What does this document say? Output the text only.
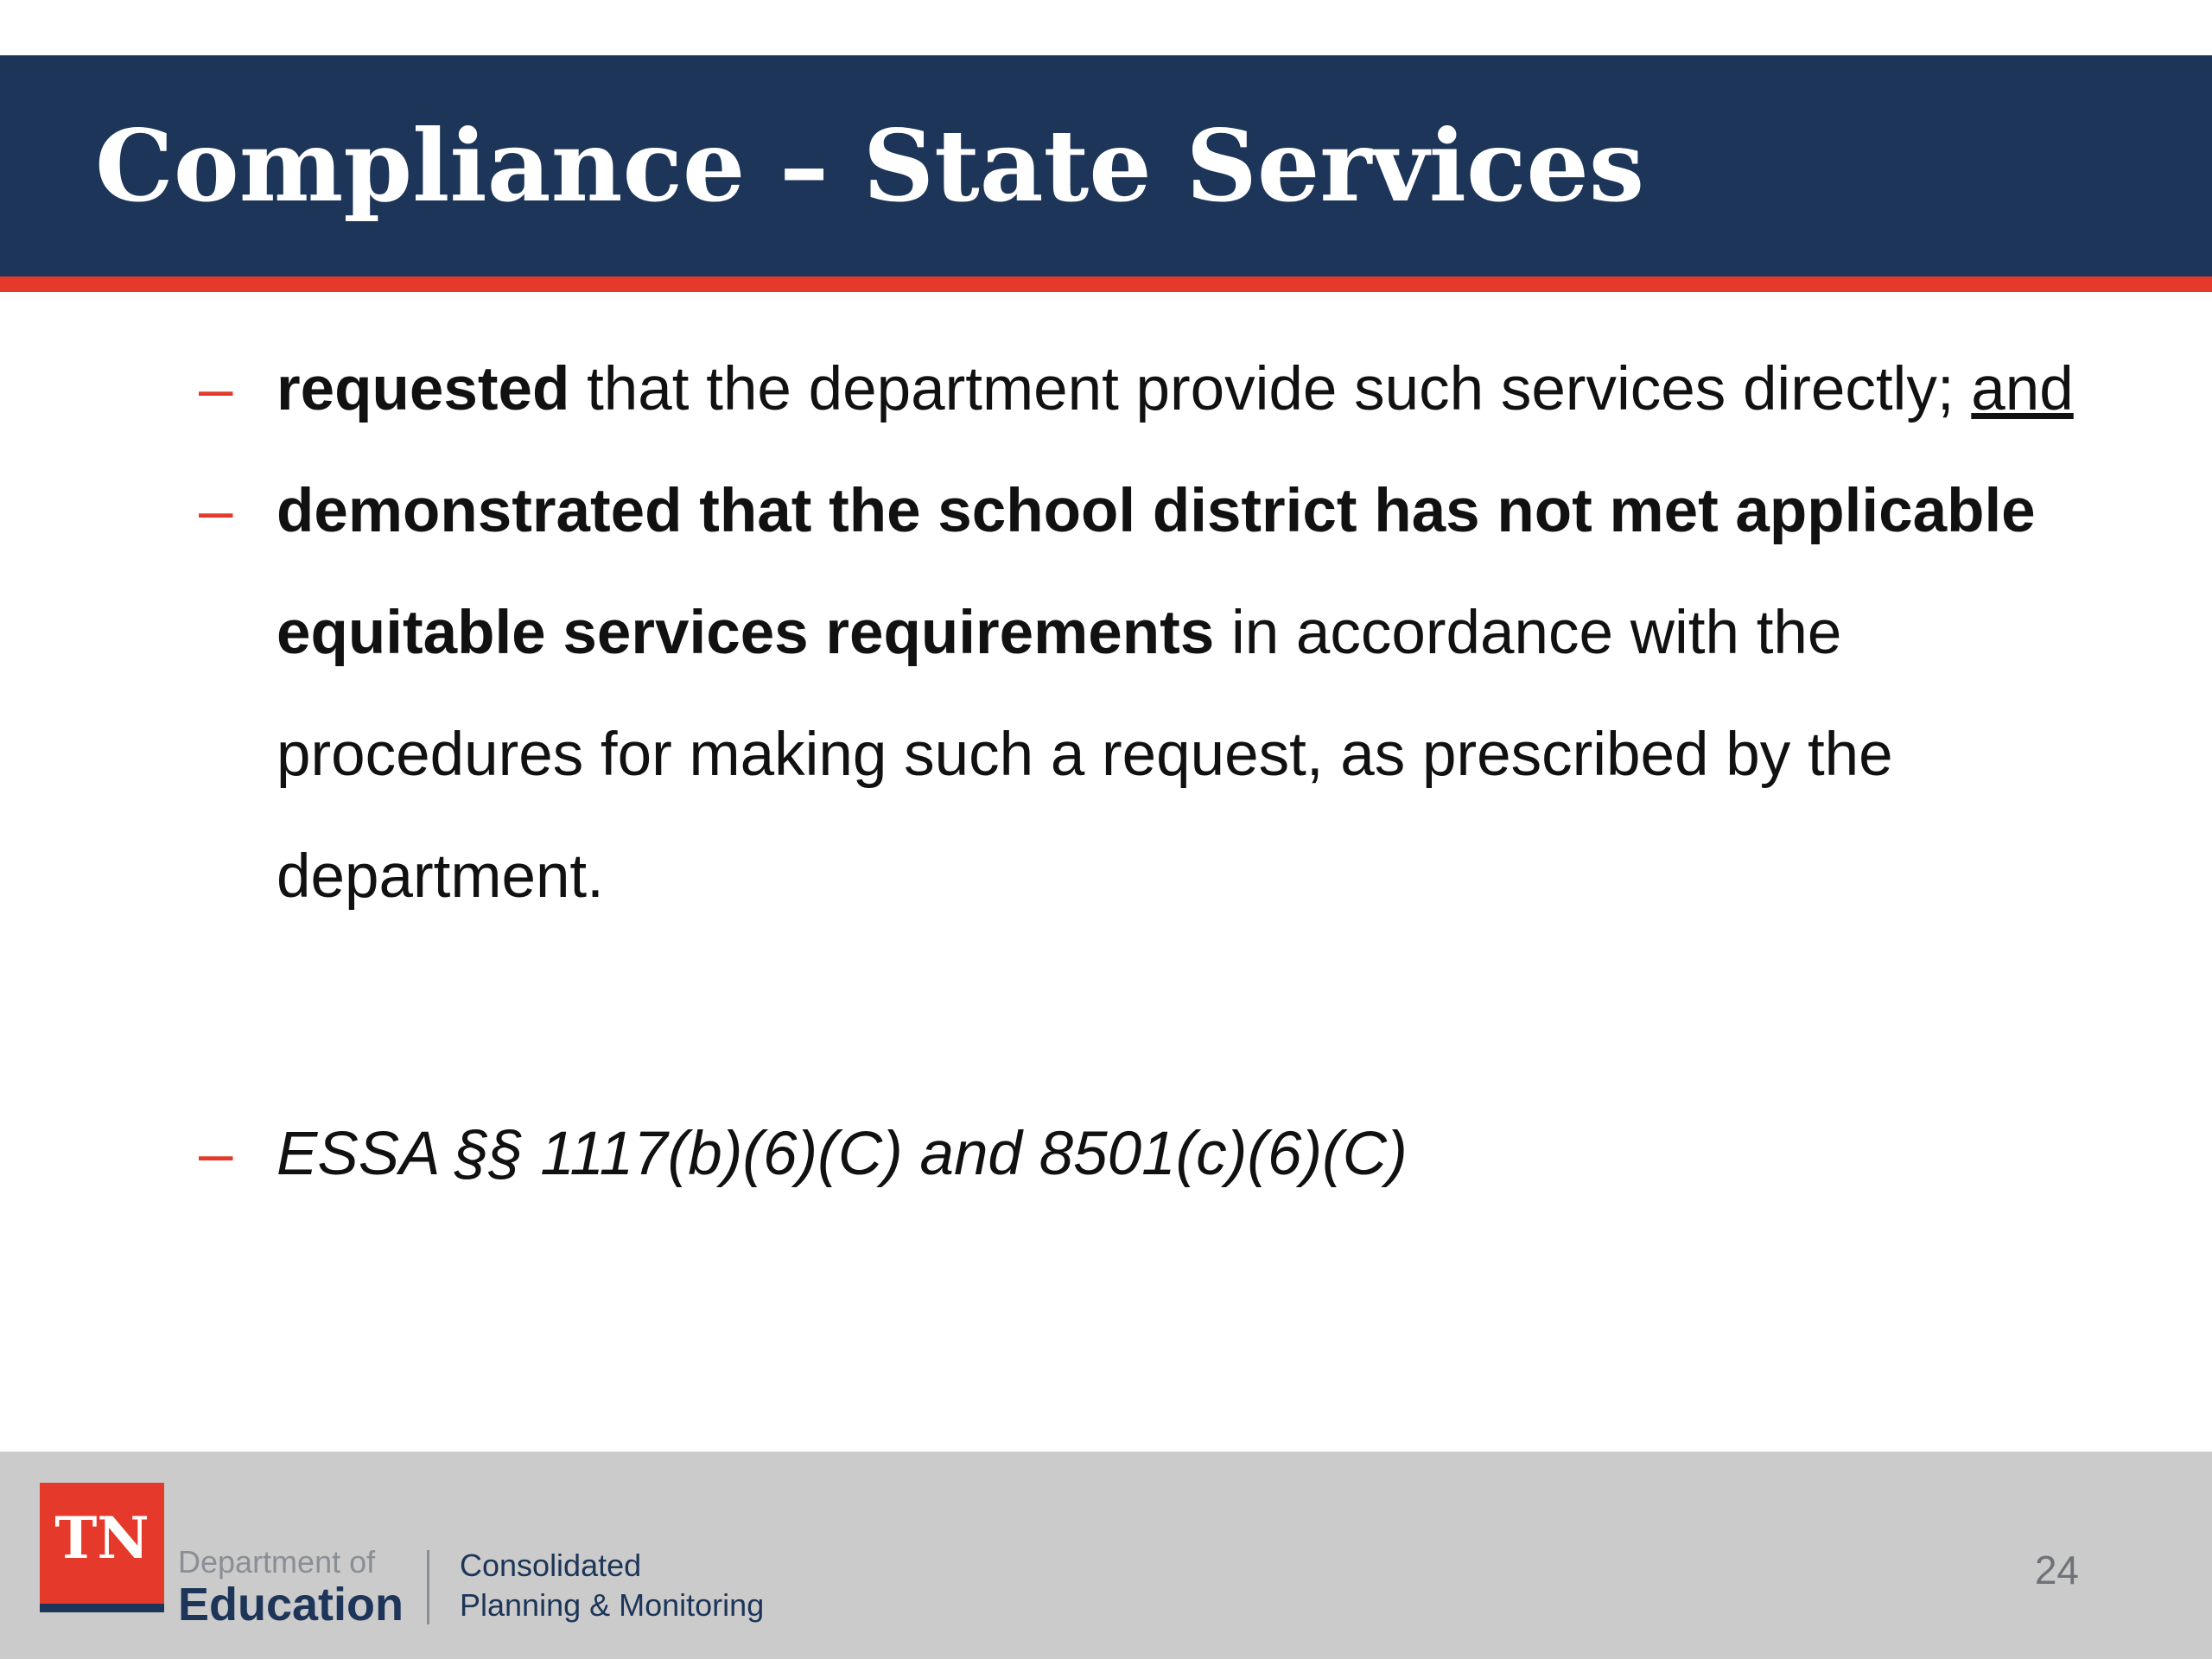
Compliance – State Services

– requested that the department provide such services directly; and

– demonstrated that the school district has not met applicable equitable services requirements in accordance with the procedures for making such a request, as prescribed by the department.

– ESSA §§ 1117(b)(6)(C) and 8501(c)(6)(C)

TN Department of
Education
Consolidated
Planning & Monitoring
24
